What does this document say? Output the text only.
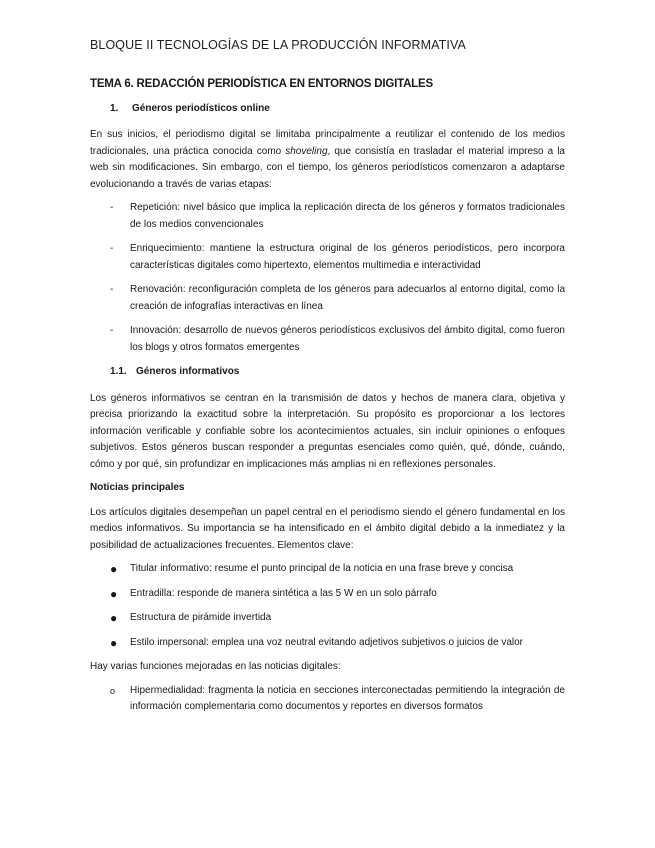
BLOQUE II TECNOLOGÍAS DE LA PRODUCCIÓN INFORMATIVA
TEMA 6. REDACCIÓN PERIODÍSTICA EN ENTORNOS DIGITALES
1.	Géneros periodísticos online

En sus inicios, el periodismo digital se limitaba principalmente a reutilizar el contenido de los medios tradicionales, una práctica conocida como shoveling, que consistía en trasladar el material impreso a la web sin modificaciones. Sin embargo, con el tiempo, los géneros periodísticos comenzaron a adaptarse evolucionando a través de varias etapas:

- Repetición: nivel básico que implica la replicación directa de los géneros y formatos tradicionales de los medios convencionales
- Enriquecimiento: mantiene la estructura original de los géneros periodísticos, pero incorpora características digitales como hipertexto, elementos multimedia e interactividad
- Renovación: reconfiguración completa de los géneros para adecuarlos al entorno digital, como la creación de infografías interactivas en línea
- Innovación: desarrollo de nuevos géneros periodísticos exclusivos del ámbito digital, como fueron los blogs y otros formatos emergentes
1.1. Géneros informativos

Los géneros informativos se centran en la transmisión de datos y hechos de manera clara, objetiva y precisa priorizando la exactitud sobre la interpretación. Su propósito es proporcionar a los lectores información verificable y confiable sobre los acontecimientos actuales, sin incluir opiniones o enfoques subjetivos. Estos géneros buscan responder a preguntas esenciales como quién, qué, dónde, cuándo, cómo y por qué, sin profundizar en implicaciones más amplias ni en reflexiones personales.

Noticias principales

Los artículos digitales desempeñan un papel central en el periodismo siendo el género fundamental en los medios informativos. Su importancia se ha intensificado en el ámbito digital debido a la inmediatez y la posibilidad de actualizaciones frecuentes. Elementos clave:

● Titular informativo: resume el punto principal de la noticia en una frase breve y concisa
● Entradilla: responde de manera sintética a las 5 W en un solo párrafo
● Estructura de pirámide invertida
● Estilo impersonal: emplea una voz neutral evitando adjetivos subjetivos o juicios de valor

Hay varias funciones mejoradas en las noticias digitales:

o Hipermedialidad: fragmenta la noticia en secciones interconectadas permitiendo la integración de información complementaria como documentos y reportes en diversos formatos
